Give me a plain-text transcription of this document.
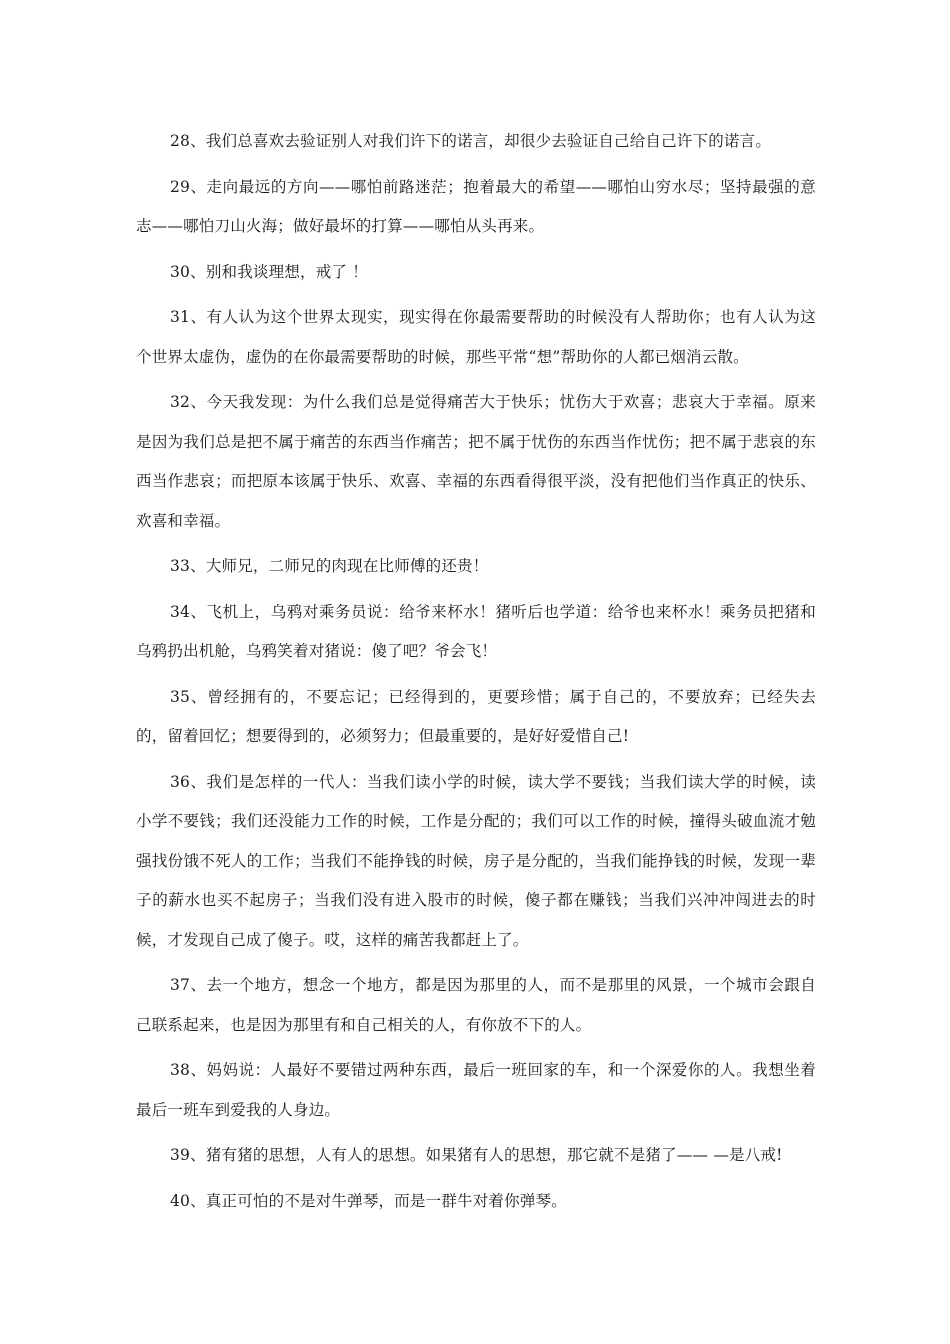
28、我们总喜欢去验证别人对我们许下的诺言，却很少去验证自己给自己许下的诺言。

29、走向最远的方向——哪怕前路迷茫；抱着最大的希望——哪怕山穷水尽；坚持最强的意志——哪怕刀山火海；做好最坏的打算——哪怕从头再来。

30、别和我谈理想，戒了 ！

31、有人认为这个世界太现实，现实得在你最需要帮助的时候没有人帮助你；也有人认为这个世界太虚伪，虚伪的在你最需要帮助的时候，那些平常“想”帮助你的人都已烟消云散。

32、今天我发现：为什么我们总是觉得痛苦大于快乐；忧伤大于欢喜；悲哀大于幸福。原来是因为我们总是把不属于痛苦的东西当作痛苦；把不属于忧伤的东西当作忧伤；把不属于悲哀的东西当作悲哀；而把原本该属于快乐、欢喜、幸福的东西看得很平淡，没有把他们当作真正的快乐、欢喜和幸福。

33、大师兄，二师兄的肉现在比师傅的还贵！

34、飞机上，乌鸦对乘务员说：给爷来杯水！猪听后也学道：给爷也来杯水！乘务员把猪和乌鸦扔出机舱，乌鸦笑着对猪说：傻了吧？爷会飞！

35、曾经拥有的，不要忘记；已经得到的，更要珍惜；属于自己的，不要放弃；已经失去的，留着回忆；想要得到的，必须努力；但最重要的，是好好爱惜自己!

36、我们是怎样的一代人：当我们读小学的时候，读大学不要钱；当我们读大学的时候，读小学不要钱；我们还没能力工作的时候，工作是分配的；我们可以工作的时候，撞得头破血流才勉强找份饿不死人的工作；当我们不能挣钱的时候，房子是分配的，当我们能挣钱的时候，发现一辈子的薪水也买不起房子；当我们没有进入股市的时候，傻子都在赚钱；当我们兴冲冲闯进去的时候，才发现自己成了傻子。哎，这样的痛苦我都赶上了。

37、去一个地方，想念一个地方，都是因为那里的人，而不是那里的风景，一个城市会跟自己联系起来，也是因为那里有和自己相关的人，有你放不下的人。

38、妈妈说：人最好不要错过两种东西，最后一班回家的车，和一个深爱你的人。我想坐着最后一班车到爱我的人身边。

39、猪有猪的思想，人有人的思想。如果猪有人的思想，那它就不是猪了—— —是八戒!

40、真正可怕的不是对牛弹琴，而是一群牛对着你弹琴。
